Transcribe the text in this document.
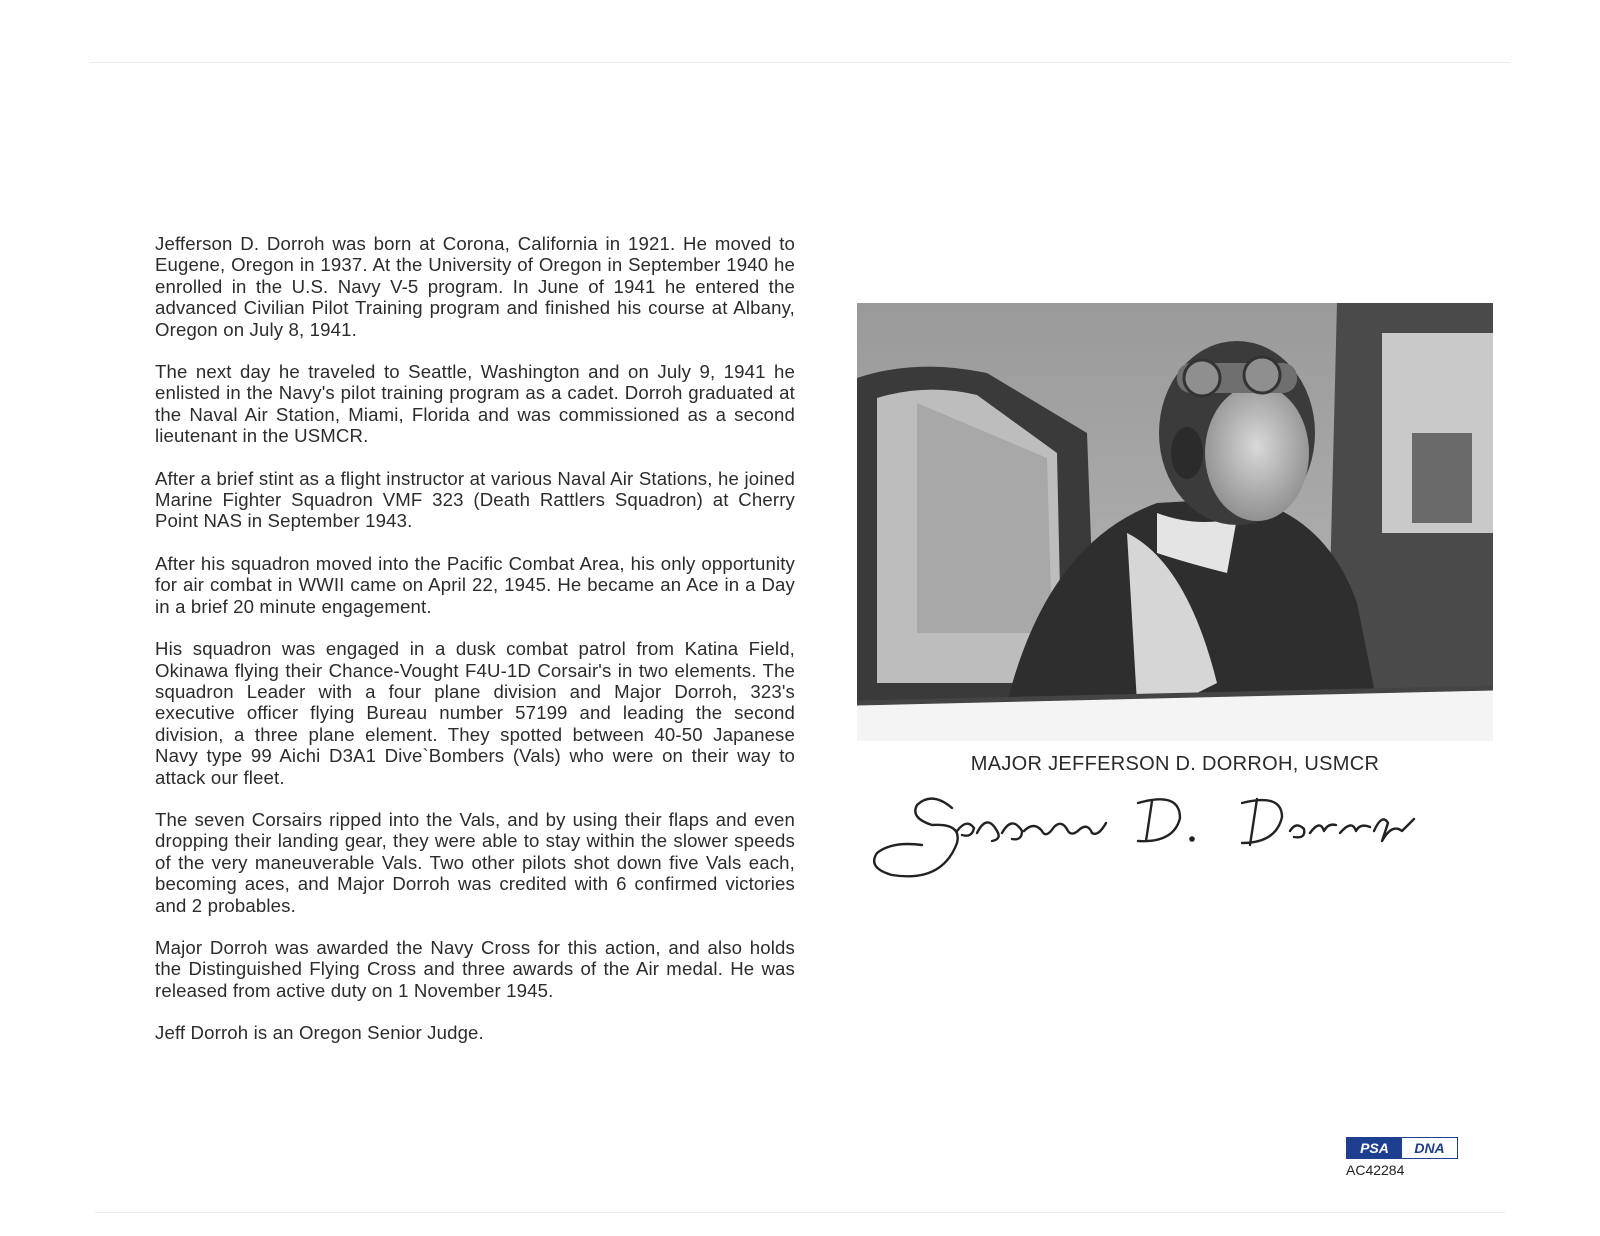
Jefferson D. Dorroh was born at Corona, California in 1921. He moved to Eugene, Oregon in 1937. At the University of Oregon in September 1940 he enrolled in the U.S. Navy V-5 program. In June of 1941 he entered the advanced Civilian Pilot Training program and finished his course at Albany, Oregon on July 8, 1941.

The next day he traveled to Seattle, Washington and on July 9, 1941 he enlisted in the Navy's pilot training program as a cadet. Dorroh graduated at the Naval Air Station, Miami, Florida and was commissioned as a second lieutenant in the USMCR.

After a brief stint as a flight instructor at various Naval Air Stations, he joined Marine Fighter Squadron VMF 323 (Death Rattlers Squadron) at Cherry Point NAS in September 1943.

After his squadron moved into the Pacific Combat Area, his only opportunity for air combat in WWII came on April 22, 1945. He became an Ace in a Day in a brief 20 minute engagement.

His squadron was engaged in a dusk combat patrol from Katina Field, Okinawa flying their Chance-Vought F4U-1D Corsair's in two elements. The squadron Leader with a four plane division and Major Dorroh, 323's executive officer flying Bureau number 57199 and leading the second division, a three plane element. They spotted between 40-50 Japanese Navy type 99 Aichi D3A1 Dive`Bombers (Vals) who were on their way to attack our fleet.

The seven Corsairs ripped into the Vals, and by using their flaps and even dropping their landing gear, they were able to stay within the slower speeds of the very maneuverable Vals. Two other pilots shot down five Vals each, becoming aces, and Major Dorroh was credited with 6 confirmed victories and 2 probables.

Major Dorroh was awarded the Navy Cross for this action, and also holds the Distinguished Flying Cross and three awards of the Air medal. He was released from active duty on 1 November 1945.

Jeff Dorroh is an Oregon Senior Judge.

MAJOR JEFFERSON D. DORROH, USMCR
PSA	DNA
AC42284
